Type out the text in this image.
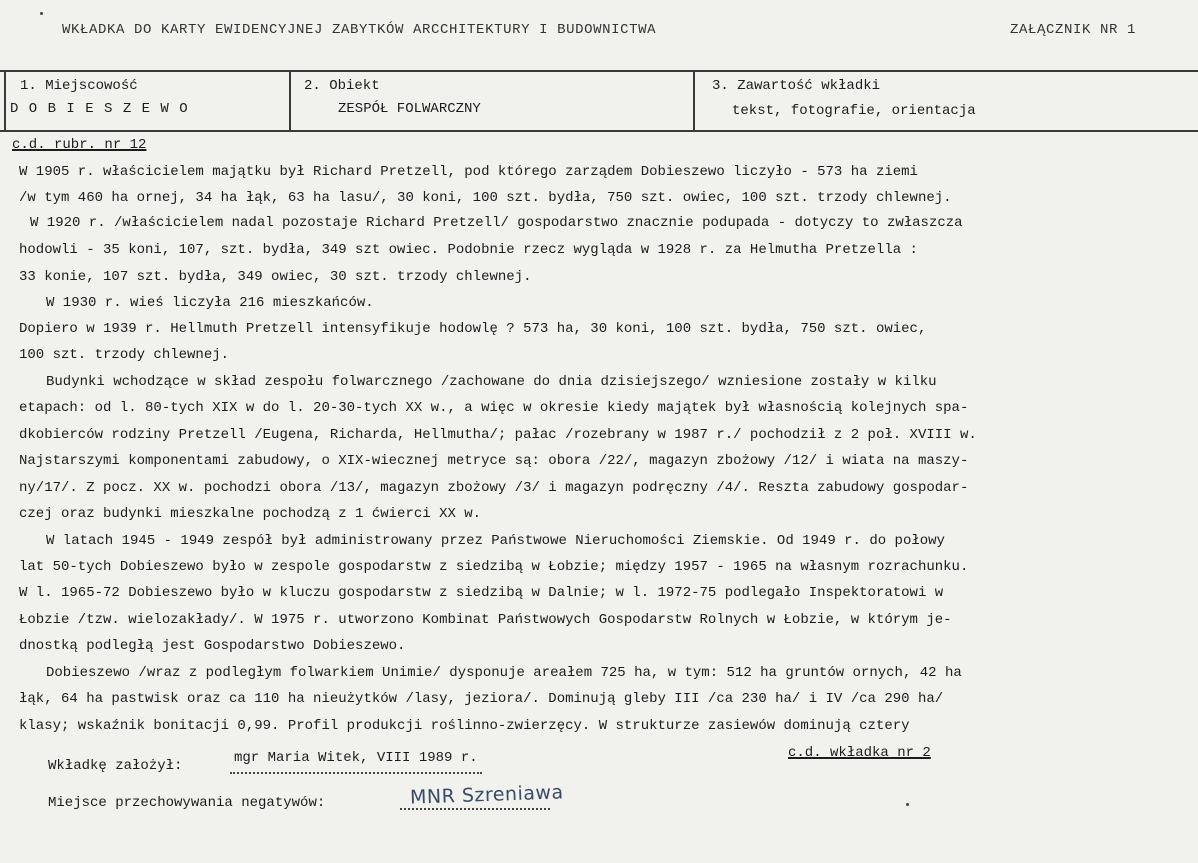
WKŁADKA DO KARTY EWIDENCYJNEJ ZABYTKÓW ARCCHITEKTURY I BUDOWNICTWA	ZAŁĄCZNIK NR 1
1. Miejscowość
D O B I E S Z E W O
2. Obiekt
ZESPÓŁ FOLWARCZNY
3. Zawartość wkładki
tekst, fotografie, orientacja
c.d. rubr. nr 12
W 1905 r. właścicielem majątku był Richard Pretzell, pod którego zarządem Dobieszewo liczyło - 573 ha ziemi
/w tym 460 ha ornej, 34 ha łąk, 63 ha lasu/, 30 koni, 100 szt. bydła, 750 szt. owiec, 100 szt. trzody chlewnej.
W 1920 r. /właścicielem nadal pozostaje Richard Pretzell/ gospodarstwo znacznie podupada - dotyczy to zwłaszcza
hodowli - 35 koni, 107, szt. bydła, 349 szt owiec. Podobnie rzecz wygląda w 1928 r. za Helmutha Pretzella :
33 konie, 107 szt. bydła, 349 owiec, 30 szt. trzody chlewnej.
W 1930 r. wieś liczyła 216 mieszkańców.
Dopiero w 1939 r. Hellmuth Pretzell intensyfikuje hodowlę ? 573 ha, 30 koni, 100 szt. bydła, 750 szt. owiec,
100 szt. trzody chlewnej.
Budynki wchodzące w skład zespołu folwarcznego /zachowane do dnia dzisiejszego/ wzniesione zostały w kilku
etapach: od l. 80-tych XIX w do l. 20-30-tych XX w., a więc w okresie kiedy majątek był własnością kolejnych spa-
dkobierców rodziny Pretzell /Eugena, Richarda, Hellmutha/; pałac /rozebrany w 1987 r./ pochodził z 2 poł. XVIII w.
Najstarszymi komponentami zabudowy, o XIX-wiecznej metryce są: obora /22/, magazyn zbożowy /12/ i wiata na maszy-
ny/17/. Z pocz. XX w. pochodzi obora /13/, magazyn zbożowy /3/ i magazyn podręczny /4/. Reszta zabudowy gospodar-
czej oraz budynki mieszkalne pochodzą z 1 ćwierci XX w.
W latach 1945 - 1949 zespół był administrowany przez Państwowe Nieruchomości Ziemskie. Od 1949 r. do połowy
lat 50-tych Dobieszewo było w zespole gospodarstw z siedzibą w Łobzie; między 1957 - 1965 na własnym rozrachunku.
W l. 1965-72 Dobieszewo było w kluczu gospodarstw z siedzibą w Dalnie; w l. 1972-75 podlegało Inspektoratowi w
Łobzie /tzw. wielozakłady/. W 1975 r. utworzono Kombinat Państwowych Gospodarstw Rolnych w Łobzie, w którym je-
dnostką podległą jest Gospodarstwo Dobieszewo.
Dobieszewo /wraz z podległym folwarkiem Unimie/ dysponuje areałem 725 ha, w tym: 512 ha gruntów ornych, 42 ha
łąk, 64 ha pastwisk oraz ca 110 ha nieużytków /lasy, jeziora/. Dominują gleby III /ca 230 ha/ i IV /ca 290 ha/
klasy; wskaźnik bonitacji 0,99. Profil produkcji roślinno-zwierzęcy. W strukturze zasiewów dominują cztery
Wkładkę założył:	mgr Maria Witek, VIII 1989 r.	c.d. wkładka nr 2
Miejsce przechowywania negatywów:	MNR Szreniawa
